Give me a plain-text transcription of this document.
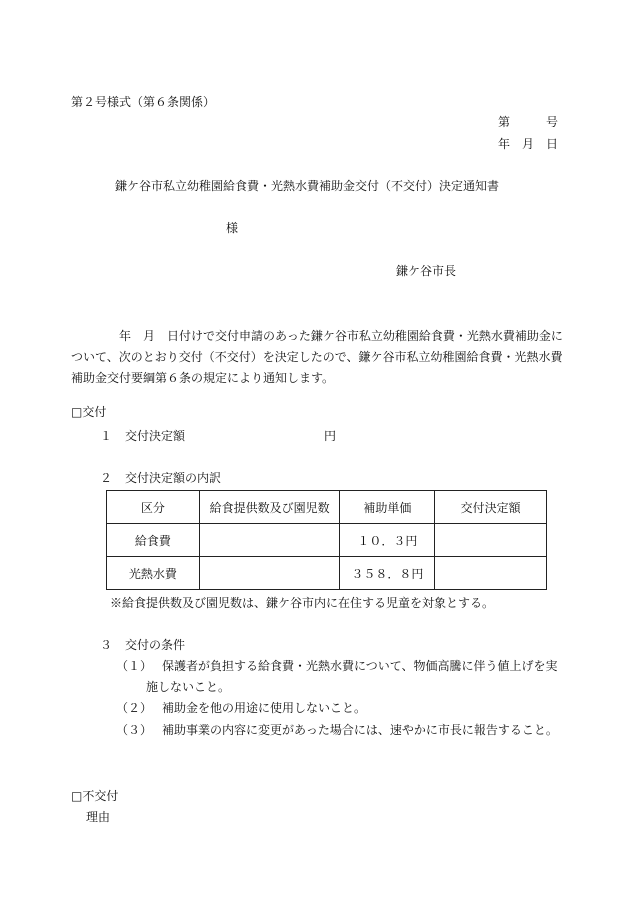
第２号様式（第６条関係）
第　　　号
年　月　日
鎌ケ谷市私立幼稚園給食費・光熱水費補助金交付（不交付）決定通知書
様
鎌ケ谷市長

年　月　日付けで交付申請のあった鎌ケ谷市私立幼稚園給食費・光熱水費補助金について、次のとおり交付（不交付）を決定したので、鎌ケ谷市私立幼稚園給食費・光熱水費補助金交付要綱第６条の規定により通知します。

□交付
１ 交付決定額	円
２ 交付決定額の内訳
区分	給食提供数及び園児数	補助単価	交付決定額
給食費		１０．３円	
光熱水費		３５８．８円	
※給食提供数及び園児数は、鎌ケ谷市内に在住する児童を対象とする。
３ 交付の条件
（１） 保護者が負担する給食費・光熱水費について、物価高騰に伴う値上げを実施しないこと。
（２） 補助金を他の用途に使用しないこと。
（３） 補助事業の内容に変更があった場合には、速やかに市長に報告すること。
□不交付
理由
